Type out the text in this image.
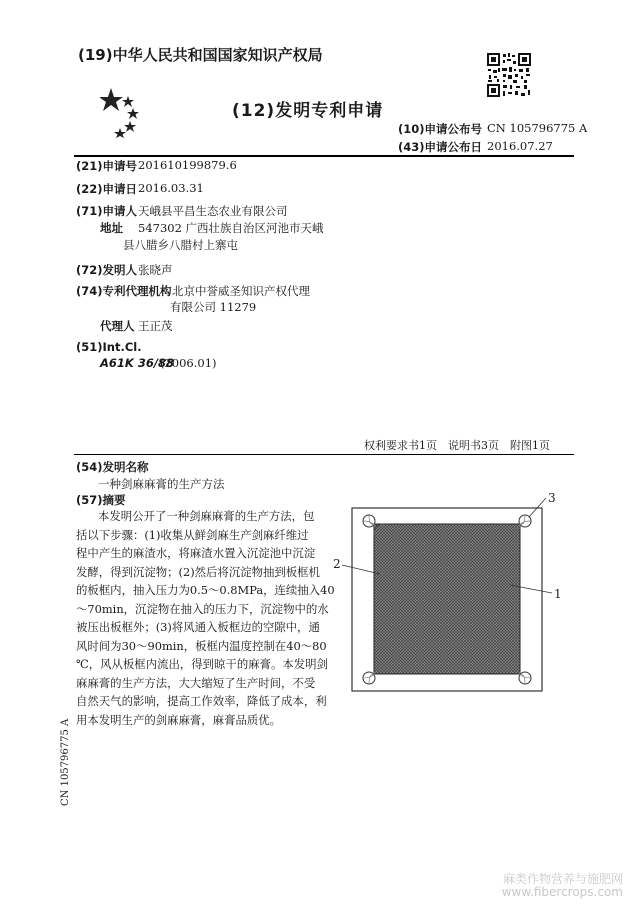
(19)中华人民共和国国家知识产权局
(12)发明专利申请
(10)申请公布号 CN 105796775 A
(43)申请公布日 2016.07.27
(21)申请号 201610199879.6
(22)申请日 2016.03.31
(71)申请人 天峨县平昌生态农业有限公司
地址 547302 广西壮族自治区河池市天峨
县八腊乡八腊村上寨屯
(72)发明人 张晓声
(74)专利代理机构 北京中誉威圣知识产权代理
有限公司 11279
代理人 王正茂
(51)Int.Cl.
A61K 36/88
(2006.01)
权利要求书1页　说明书3页　附图1页
(54)发明名称
一种剑麻麻膏的生产方法
(57)摘要
本发明公开了一种剑麻麻膏的生产方法，包
括以下步骤：(1)收集从鲜剑麻生产剑麻纤维过
程中产生的麻渣水，将麻渣水置入沉淀池中沉淀
发酵，得到沉淀物；(2)然后将沉淀物抽到板框机
的板框内，抽入压力为0.5～0.8MPa，连续抽入40
～70min，沉淀物在抽入的压力下，沉淀物中的水
被压出板框外；(3)将风通入板框边的空隙中，通
风时间为30～90min，板框内温度控制在40～80
℃，风从板框内流出，得到晾干的麻膏。本发明剑
麻麻膏的生产方法，大大缩短了生产时间，不受
自然天气的影响，提高工作效率，降低了成本，利
用本发明生产的剑麻麻膏，麻膏品质优。
3
2
1
CN 105796775 A
麻类作物营养与施肥网 www.fibercrops.com
